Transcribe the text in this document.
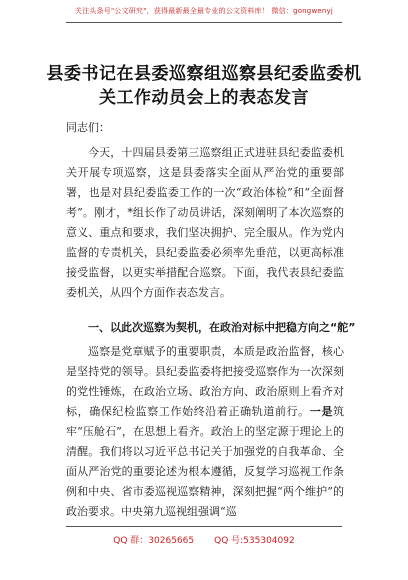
关注头条号"公文研究"，获得最新最全最专业的公文资料库！ 微信：gongwenyj
县委书记在县委巡察组巡察县纪委监委机
关工作动员会上的表态发言
同志们：
今天，十四届县委第三巡察组正式进驻县纪委监委机关开展专项巡察，这是县委落实全面从严治党的重要部署，也是对县纪委监委工作的一次“政治体检”和“全面督考”。刚才，*组长作了动员讲话，深刻阐明了本次巡察的意义、重点和要求，我们坚决拥护、完全服从。作为党内监督的专责机关，县纪委监委必须率先垂范，以更高标准接受监督，以更实举措配合巡察。下面，我代表县纪委监委机关，从四个方面作表态发言。
一、以此次巡察为契机，在政治对标中把稳方向之“舵”
巡察是党章赋予的重要职责，本质是政治监督，核心是坚持党的领导。县纪委监委将把接受巡察作为一次深刻的党性锤炼，在政治立场、政治方向、政治原则上看齐对标，确保纪检监察工作始终沿着正确轨道前行。一是筑牢“压舱石”，在思想上看齐。政治上的坚定源于理论上的清醒。我们将以习近平总书记关于加强党的自我革命、全面从严治党的重要论述为根本遵循，反复学习巡视工作条例和中央、省市委巡视巡察精神，深刻把握“两个维护”的政治要求。中央第九巡视组强调“巡
QQ 群：30265665 QQ 号:535304092
